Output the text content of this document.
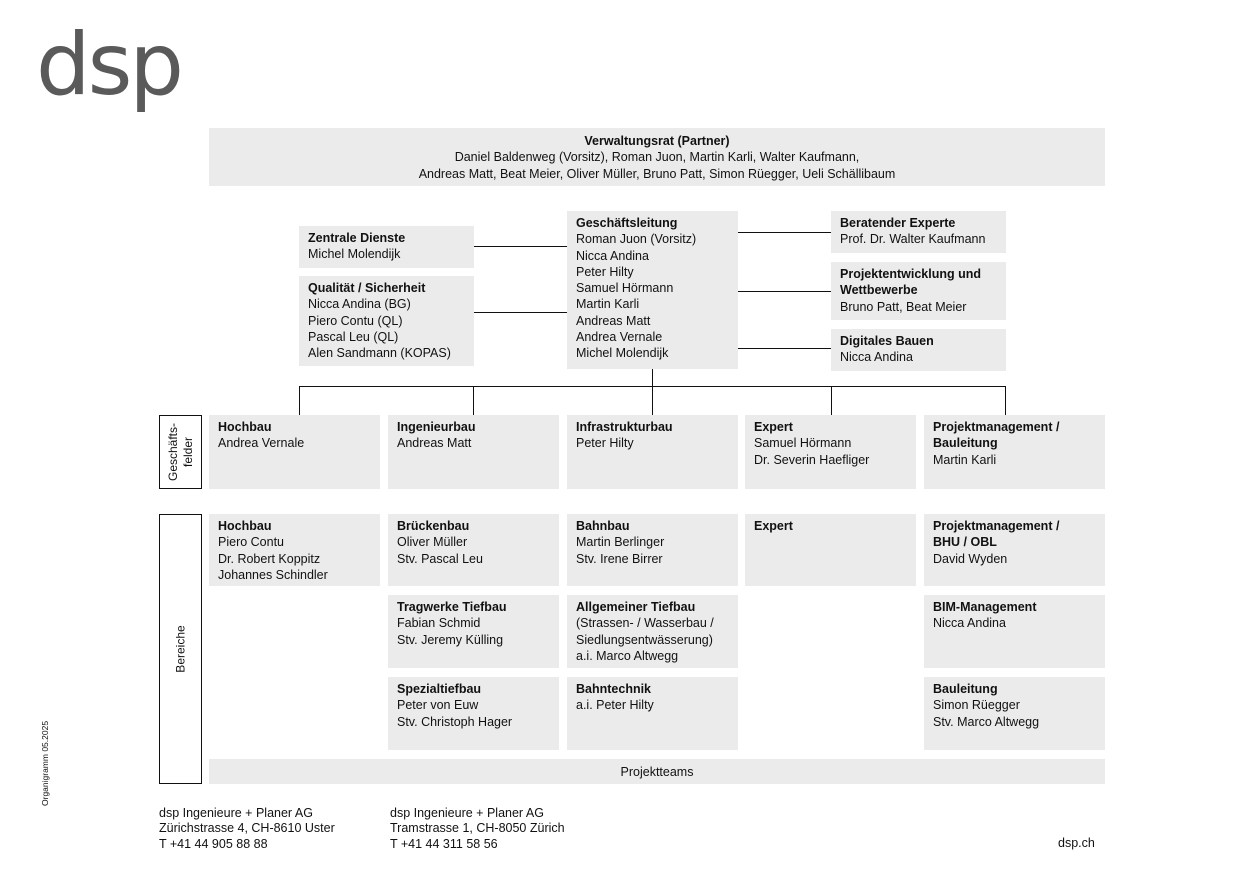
dsp
Verwaltungsrat (Partner)
Daniel Baldenweg (Vorsitz), Roman Juon, Martin Karli, Walter Kaufmann,
Andreas Matt, Beat Meier, Oliver Müller, Bruno Patt, Simon Rüegger, Ueli Schällibaum
Geschäftsleitung
Roman Juon (Vorsitz)
Nicca Andina
Peter Hilty
Samuel Hörmann
Martin Karli
Andreas Matt
Andrea Vernale
Michel Molendijk
Zentrale Dienste
Michel Molendijk
Qualität / Sicherheit
Nicca Andina (BG)
Piero Contu (QL)
Pascal Leu (QL)
Alen Sandmann (KOPAS)
Beratender Experte
Prof. Dr. Walter Kaufmann
Projektentwicklung und Wettbewerbe
Bruno Patt, Beat Meier
Digitales Bauen
Nicca Andina
Geschäfts-
felder
Bereiche
Hochbau
Andrea Vernale
Ingenieurbau
Andreas Matt
Infrastrukturbau
Peter Hilty
Expert
Samuel Hörmann
Dr. Severin Haefliger
Projektmanagement / Bauleitung
Martin Karli
Hochbau
Piero Contu
Dr. Robert Koppitz
Johannes Schindler
Brückenbau
Oliver Müller
Stv. Pascal Leu
Tragwerke Tiefbau
Fabian Schmid
Stv. Jeremy Külling
Spezialtiefbau
Peter von Euw
Stv. Christoph Hager
Bahnbau
Martin Berlinger
Stv. Irene Birrer
Allgemeiner Tiefbau
(Strassen- / Wasserbau /
Siedlungsentwässerung)
a.i. Marco Altwegg
Bahntechnik
a.i. Peter Hilty
Expert	Projektmanagement / BHU / OBL
David Wyden
BIM-Management
Nicca Andina
Bauleitung
Simon Rüegger
Stv. Marco Altwegg
Projektteams
Organigramm 05.2025
dsp Ingenieure + Planer AG
Zürichstrasse 4, CH-8610 Uster
T +41 44 905 88 88
dsp Ingenieure + Planer AG
Tramstrasse 1, CH-8050 Zürich
T +41 44 311 58 56	dsp.ch
